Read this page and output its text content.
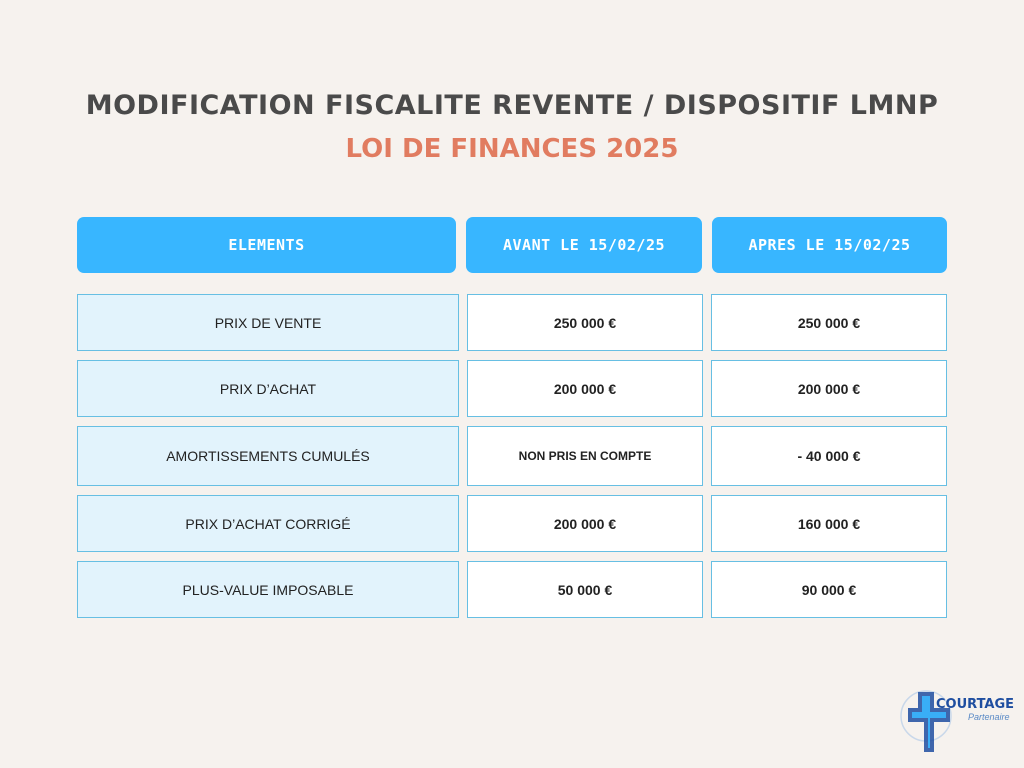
MODIFICATION FISCALITE REVENTE / DISPOSITIF LMNP
LOI DE FINANCES 2025
ELEMENTS	AVANT LE 15/02/25	APRES LE 15/02/25
PRIX DE VENTE	250 000 €	250 000 €
PRIX D’ACHAT	200 000 €	200 000 €
AMORTISSEMENTS CUMULÉS	NON PRIS EN COMPTE	- 40 000 €
PRIX D’ACHAT CORRIGÉ	200 000 €	160 000 €
PLUS-VALUE IMPOSABLE	50 000 €	90 000 €
COURTAGE
Partenaire
